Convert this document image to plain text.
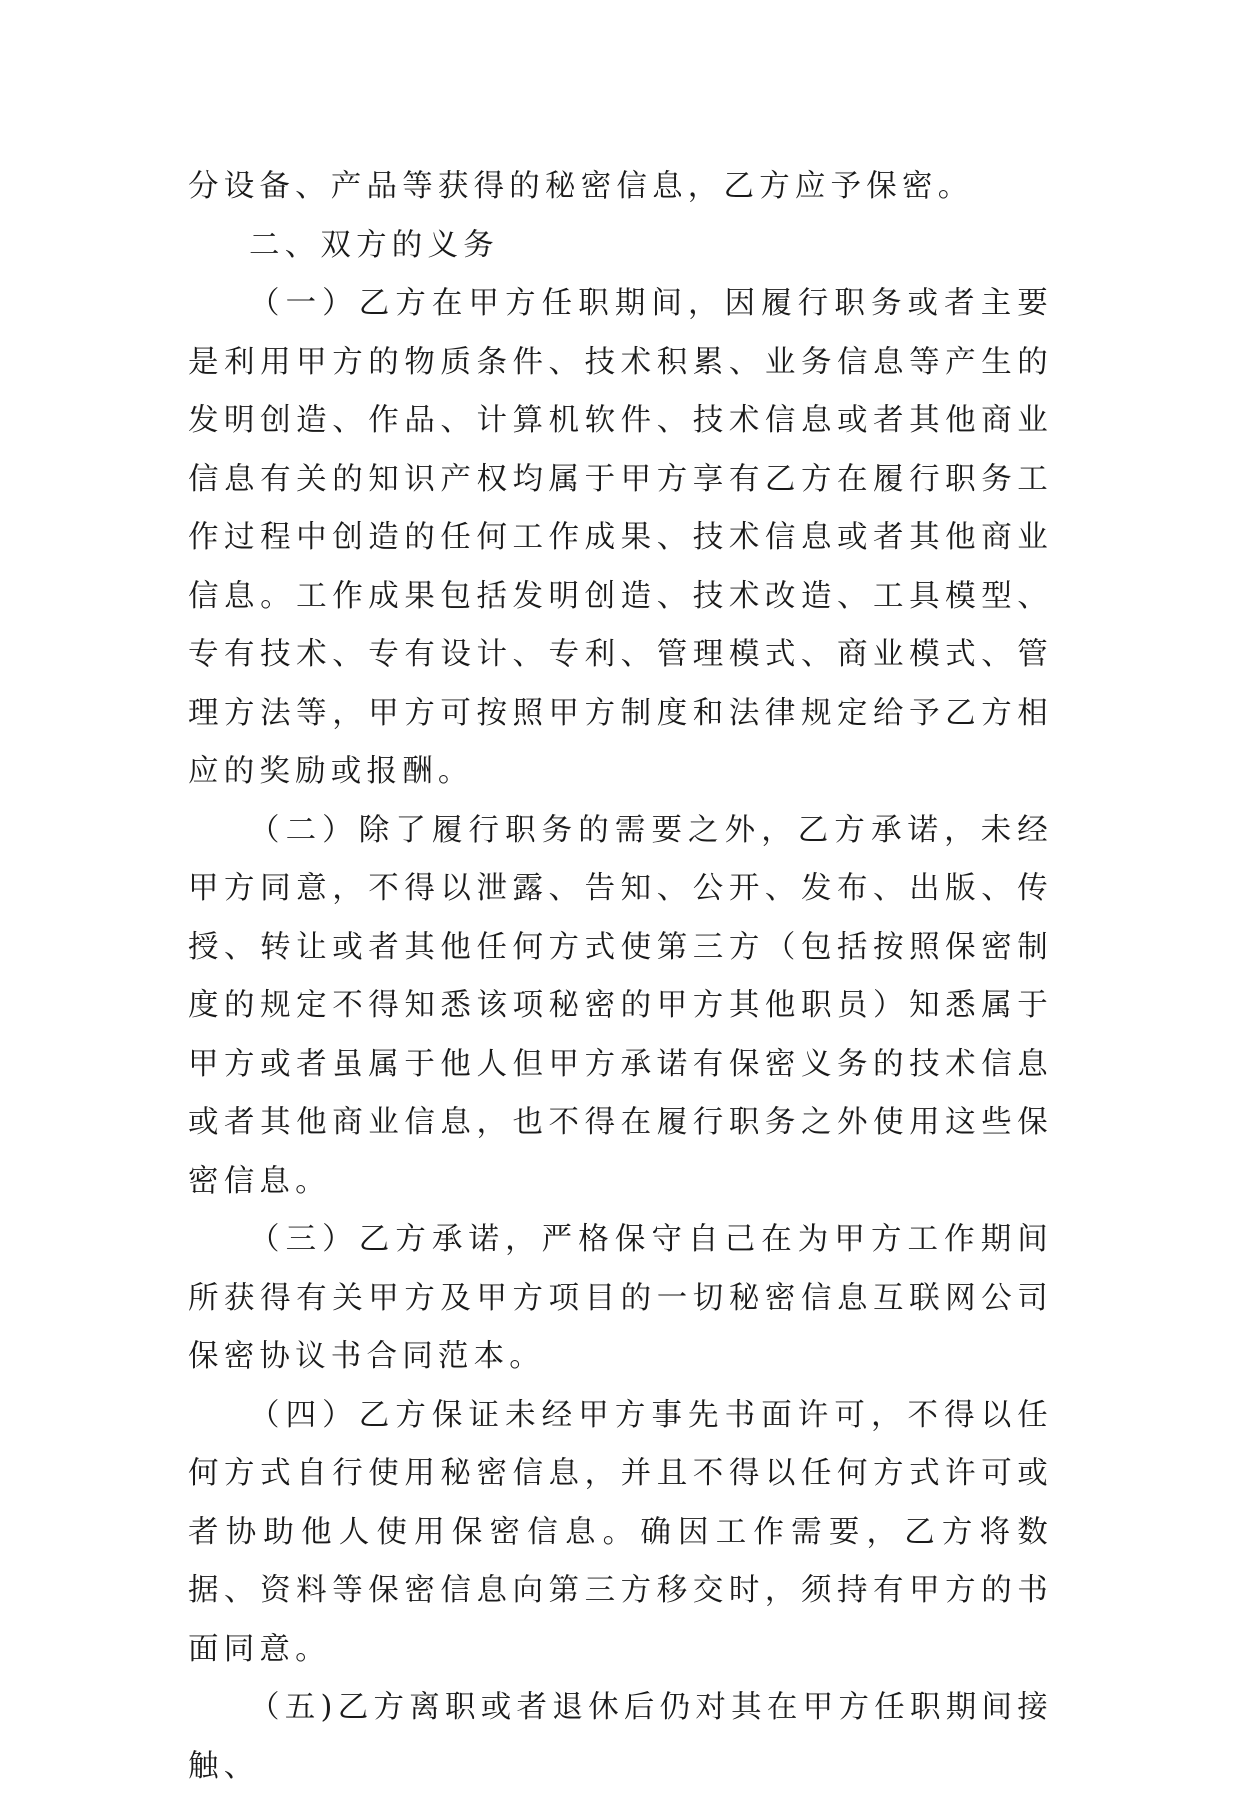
分设备、产品等获得的秘密信息，乙方应予保密。

二、双方的义务

（一）乙方在甲方任职期间，因履行职务或者主要是利用甲方的物质条件、技术积累、业务信息等产生的发明创造、作品、计算机软件、技术信息或者其他商业信息有关的知识产权均属于甲方享有乙方在履行职务工作过程中创造的任何工作成果、技术信息或者其他商业信息。工作成果包括发明创造、技术改造、工具模型、专有技术、专有设计、专利、管理模式、商业模式、管理方法等，甲方可按照甲方制度和法律规定给予乙方相应的奖励或报酬。

（二）除了履行职务的需要之外，乙方承诺，未经甲方同意，不得以泄露、告知、公开、发布、出版、传授、转让或者其他任何方式使第三方（包括按照保密制度的规定不得知悉该项秘密的甲方其他职员）知悉属于甲方或者虽属于他人但甲方承诺有保密义务的技术信息或者其他商业信息，也不得在履行职务之外使用这些保密信息。

（三）乙方承诺，严格保守自己在为甲方工作期间所获得有关甲方及甲方项目的一切秘密信息互联网公司保密协议书合同范本。

（四）乙方保证未经甲方事先书面许可，不得以任何方式自行使用秘密信息，并且不得以任何方式许可或者协助他人使用保密信息。确因工作需要，乙方将数据、资料等保密信息向第三方移交时，须持有甲方的书面同意。

（五)乙方离职或者退休后仍对其在甲方任职期间接触、
